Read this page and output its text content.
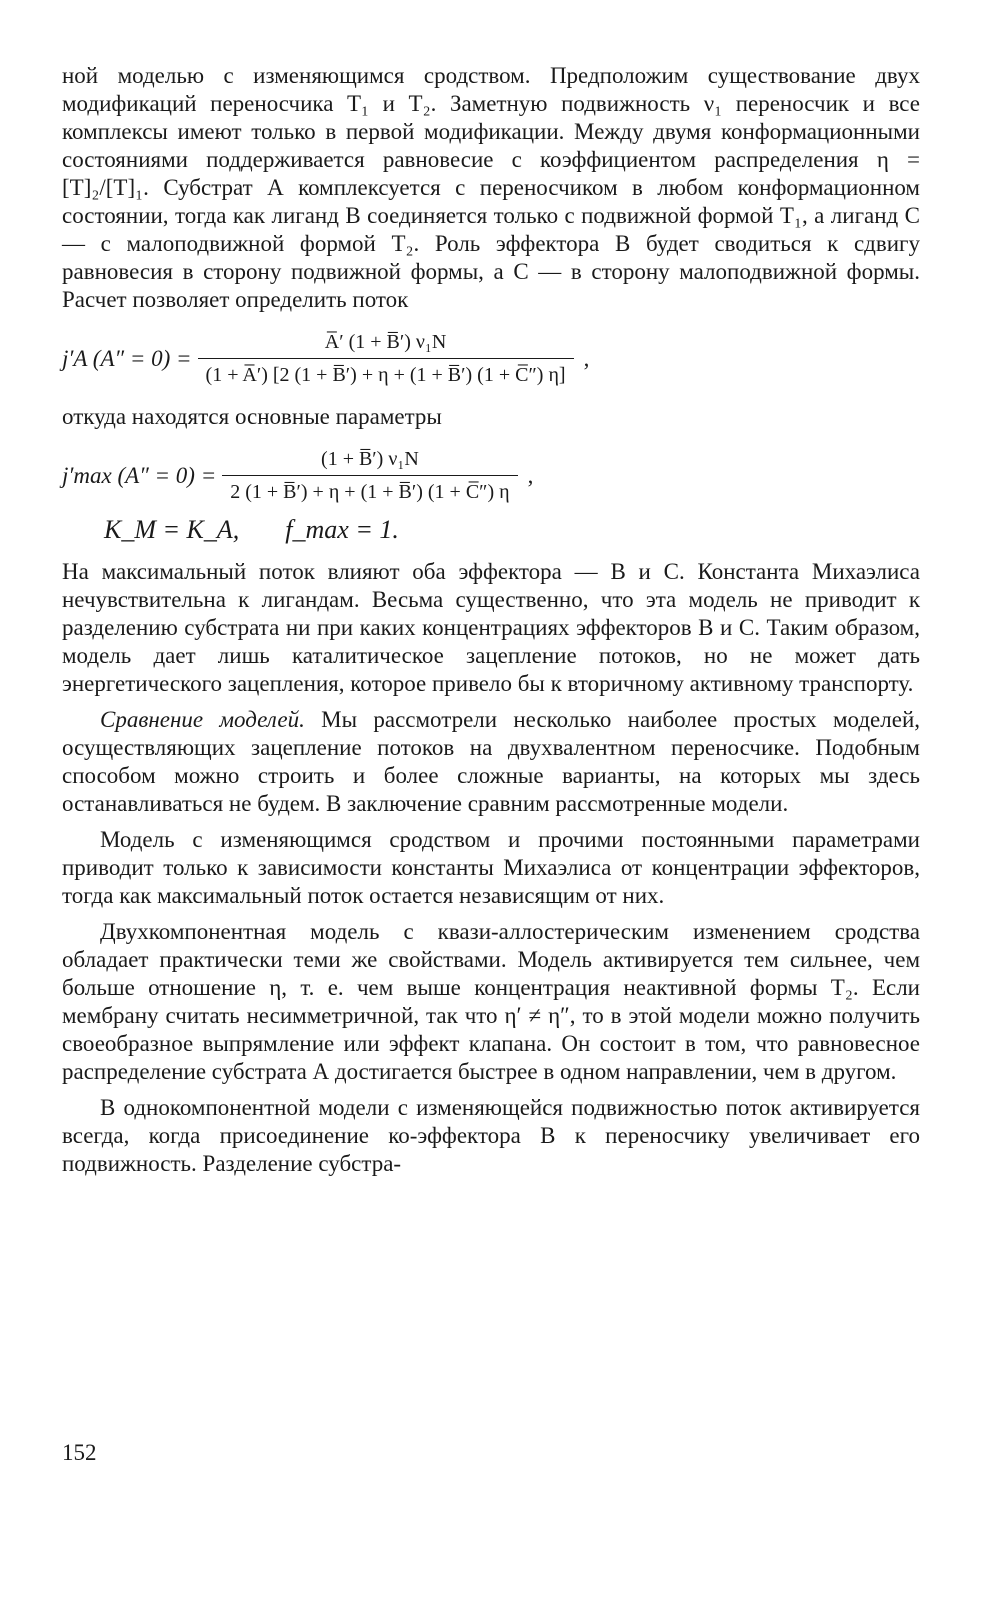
ной моделью с изменяющимся сродством. Предположим существование двух модификаций переносчика T₁ и T₂. Заметную подвижность ν₁ переносчик и все комплексы имеют только в первой модификации. Между двумя конформационными состояниями поддерживается равновесие с коэффициентом распределения η = [T]₂/[T]₁. Субстрат А комплексуется с переносчиком в любом конформационном состоянии, тогда как лиганд В соединяется только с подвижной формой T₁, а лиганд С — с малоподвижной формой T₂. Роль эффектора В будет сводиться к сдвигу равновесия в сторону подвижной формы, а С — в сторону малоподвижной формы. Расчет позволяет определить поток

j′A $(A'' = 0) = \frac{\text{A̅′ (1 + B̅′) ν₁N}}{(1 + A̅') [2 (1 + B̅') + \eta + (1 + B̅') (1 + C̅'') \eta]}$ ,

откуда находятся основные параметры

j′max $(A'' = 0) = \frac{\text{(1 + B̅′) ν₁N}}{2 (1 + B̅') + \eta + (1 + B̅') (1 + C̅'') \eta}$ ,
K_M = K_A, f_max = 1.

На максимальный поток влияют оба эффектора — В и С. Константа Михаэлиса нечувствительна к лигандам. Весьма существенно, что эта модель не приводит к разделению субстрата ни при каких концентрациях эффекторов В и С. Таким образом, модель дает лишь каталитическое зацепление потоков, но не может дать энергетического зацепления, которое привело бы к вторичному активному транспорту.

Сравнение моделей. Мы рассмотрели несколько наиболее простых моделей, осуществляющих зацепление потоков на двухвалентном переносчике. Подобным способом можно строить и более сложные варианты, на которых мы здесь останавливаться не будем. В заключение сравним рассмотренные модели.

Модель с изменяющимся сродством и прочими постоянными параметрами приводит только к зависимости константы Михаэлиса от концентрации эффекторов, тогда как максимальный поток остается независящим от них.

Двухкомпонентная модель с квази-аллостерическим изменением сродства обладает практически теми же свойствами. Модель активируется тем сильнее, чем больше отношение η, т. е. чем выше концентрация неактивной формы T₂. Если мембрану считать несимметричной, так что η′ ≠ η″, то в этой модели можно получить своеобразное выпрямление или эффект клапана. Он состоит в том, что равновесное распределение субстрата А достигается быстрее в одном направлении, чем в другом.

В однокомпонентной модели с изменяющейся подвижностью поток активируется всегда, когда присоединение ко-эффектора В к переносчику увеличивает его подвижность. Разделение субстра-

152
